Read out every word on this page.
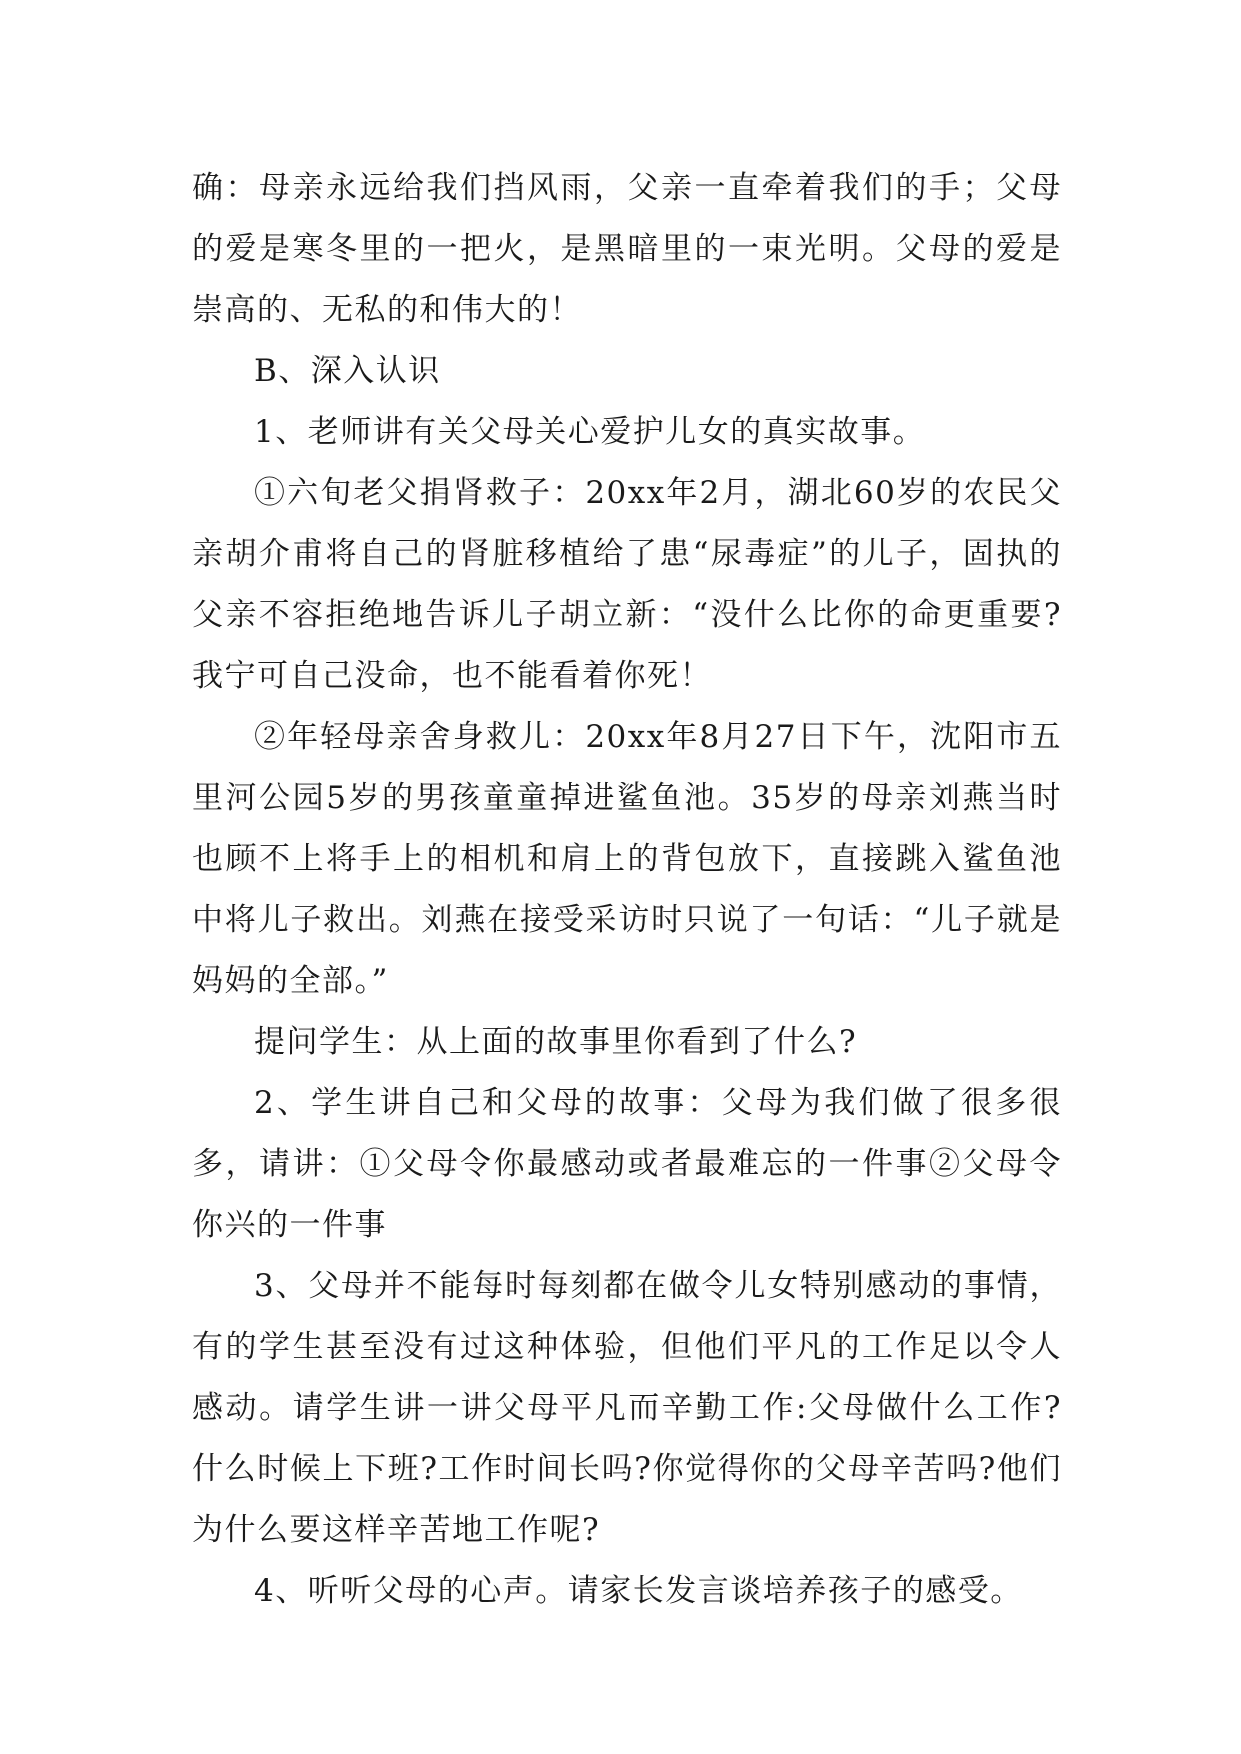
确：母亲永远给我们挡风雨，父亲一直牵着我们的手；父母的爱是寒冬里的一把火，是黑暗里的一束光明。父母的爱是崇高的、无私的和伟大的！

B、深入认识

1、老师讲有关父母关心爱护儿女的真实故事。

①六旬老父捐肾救子：20xx年2月，湖北60岁的农民父亲胡介甫将自己的肾脏移植给了患“尿毒症”的儿子，固执的父亲不容拒绝地告诉儿子胡立新：“没什么比你的命更重要?我宁可自己没命，也不能看着你死！

②年轻母亲舍身救儿：20xx年8月27日下午，沈阳市五里河公园5岁的男孩童童掉进鲨鱼池。35岁的母亲刘燕当时也顾不上将手上的相机和肩上的背包放下，直接跳入鲨鱼池中将儿子救出。刘燕在接受采访时只说了一句话：“儿子就是妈妈的全部。”

提问学生：从上面的故事里你看到了什么?

2、学生讲自己和父母的故事：父母为我们做了很多很多，请讲：①父母令你最感动或者最难忘的一件事②父母令你兴的一件事

3、父母并不能每时每刻都在做令儿女特别感动的事情，有的学生甚至没有过这种体验，但他们平凡的工作足以令人感动。请学生讲一讲父母平凡而辛勤工作:父母做什么工作?什么时候上下班?工作时间长吗?你觉得你的父母辛苦吗?他们为什么要这样辛苦地工作呢?

4、听听父母的心声。请家长发言谈培养孩子的感受。
